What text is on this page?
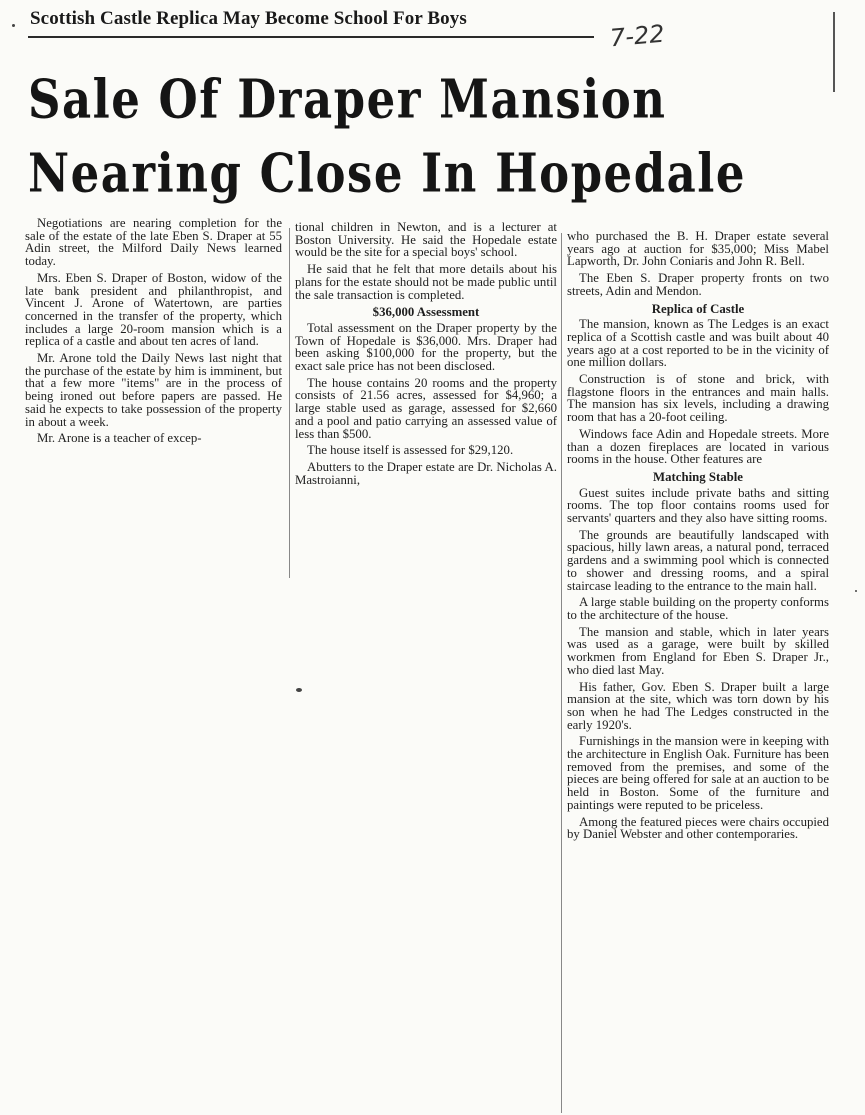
Scottish Castle Replica May Become School For Boys
7-22
Sale Of Draper Mansion
Nearing Close In Hopedale

Negotiations are nearing completion for the sale of the estate of the late Eben S. Draper at 55 Adin street, the Milford Daily News learned today.

Mrs. Eben S. Draper of Boston, widow of the late bank president and philanthropist, and Vincent J. Arone of Watertown, are parties concerned in the transfer of the property, which includes a large 20-room mansion which is a replica of a castle and about ten acres of land.

Mr. Arone told the Daily News last night that the purchase of the estate by him is imminent, but that a few more "items" are in the process of being ironed out before papers are passed. He said he expects to take possession of the property in about a week.

Mr. Arone is a teacher of excep-

tional children in Newton, and is a lecturer at Boston University. He said the Hopedale estate would be the site for a special boys' school.

He said that he felt that more details about his plans for the estate should not be made public until the sale transaction is completed.

$36,000 Assessment

Total assessment on the Draper property by the Town of Hopedale is $36,000. Mrs. Draper had been asking $100,000 for the property, but the exact sale price has not been disclosed.

The house contains 20 rooms and the property consists of 21.56 acres, assessed for $4,960; a large stable used as garage, assessed for $2,660 and a pool and patio carrying an assessed value of less than $500.

The house itself is assessed for $29,120.

Abutters to the Draper estate are Dr. Nicholas A. Mastroianni,

who purchased the B. H. Draper estate several years ago at auction for $35,000; Miss Mabel Lapworth, Dr. John Coniaris and John R. Bell.

The Eben S. Draper property fronts on two streets, Adin and Mendon.

Replica of Castle

The mansion, known as The Ledges is an exact replica of a Scottish castle and was built about 40 years ago at a cost reported to be in the vicinity of one million dollars.

Construction is of stone and brick, with flagstone floors in the entrances and main halls. The mansion has six levels, including a drawing room that has a 20-foot ceiling.

Windows face Adin and Hopedale streets. More than a dozen fireplaces are located in various rooms in the house. Other features are

Matching Stable

Guest suites include private baths and sitting rooms. The top floor contains rooms used for servants' quarters and they also have sitting rooms.

The grounds are beautifully landscaped with spacious, hilly lawn areas, a natural pond, terraced gardens and a swimming pool which is connected to shower and dressing rooms, and a spiral staircase leading to the entrance to the main hall.

A large stable building on the property conforms to the architecture of the house.

The mansion and stable, which in later years was used as a garage, were built by skilled workmen from England for Eben S. Draper Jr., who died last May.

His father, Gov. Eben S. Draper built a large mansion at the site, which was torn down by his son when he had The Ledges constructed in the early 1920's.

Furnishings in the mansion were in keeping with the architecture in English Oak. Furniture has been removed from the premises, and some of the pieces are being offered for sale at an auction to be held in Boston. Some of the furniture and paintings were reputed to be priceless.

Among the featured pieces were chairs occupied by Daniel Webster and other contemporaries.
